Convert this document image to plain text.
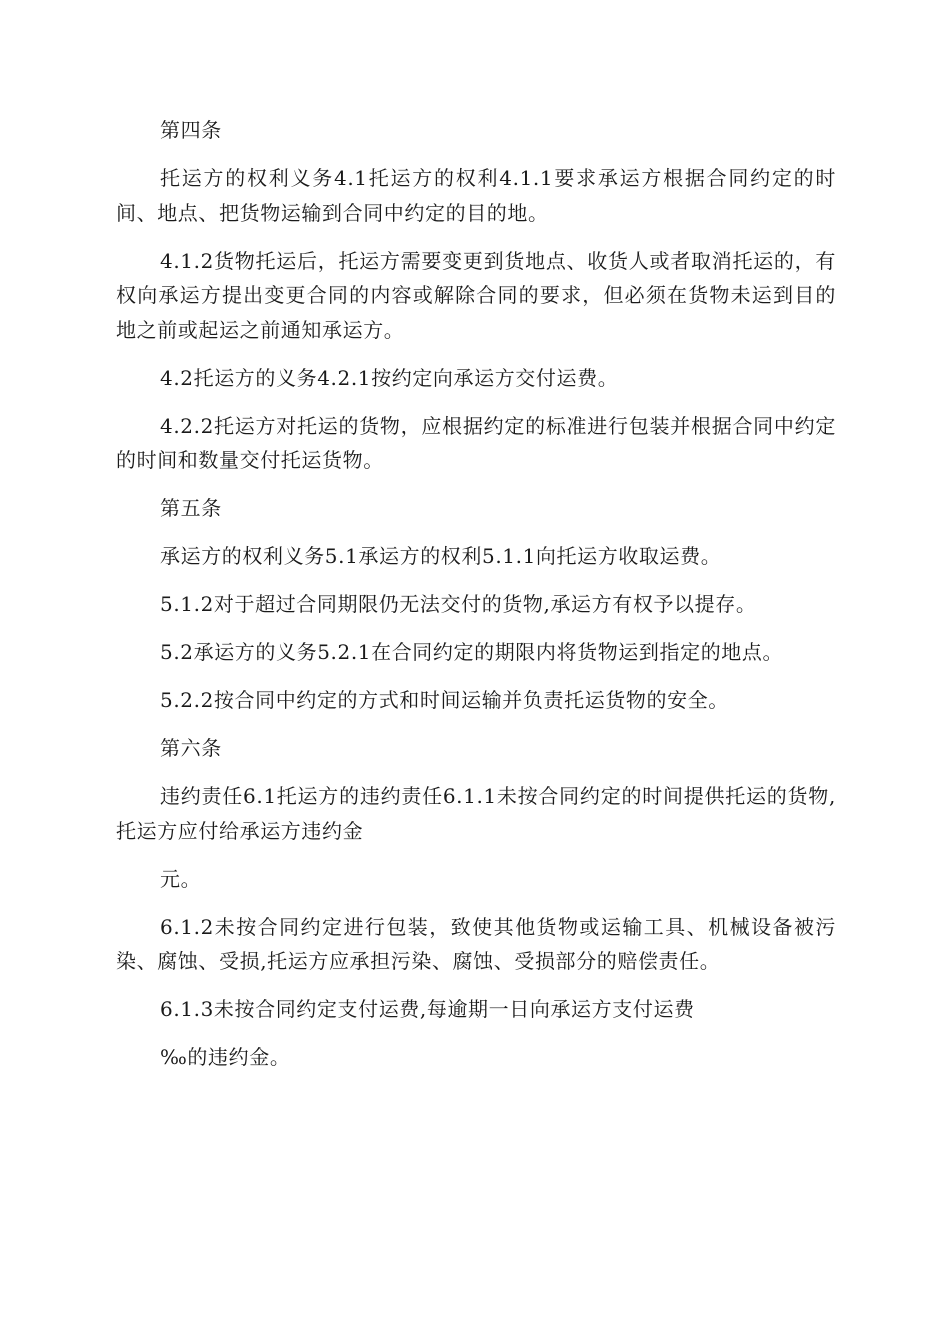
第四条

托运方的权利义务4.1托运方的权利4.1.1要求承运方根据合同约定的时间、地点、把货物运输到合同中约定的目的地。

4.1.2货物托运后，托运方需要变更到货地点、收货人或者取消托运的，有权向承运方提出变更合同的内容或解除合同的要求，但必须在货物未运到目的地之前或起运之前通知承运方。

4.2托运方的义务4.2.1按约定向承运方交付运费。

4.2.2托运方对托运的货物，应根据约定的标准进行包装并根据合同中约定的时间和数量交付托运货物。

第五条

承运方的权利义务5.1承运方的权利5.1.1向托运方收取运费。

5.1.2对于超过合同期限仍无法交付的货物,承运方有权予以提存。

5.2承运方的义务5.2.1在合同约定的期限内将货物运到指定的地点。

5.2.2按合同中约定的方式和时间运输并负责托运货物的安全。

第六条

违约责任6.1托运方的违约责任6.1.1未按合同约定的时间提供托运的货物,托运方应付给承运方违约金

元。

6.1.2未按合同约定进行包装，致使其他货物或运输工具、机械设备被污染、腐蚀、受损,托运方应承担污染、腐蚀、受损部分的赔偿责任。

6.1.3未按合同约定支付运费,每逾期一日向承运方支付运费

‰的违约金。
